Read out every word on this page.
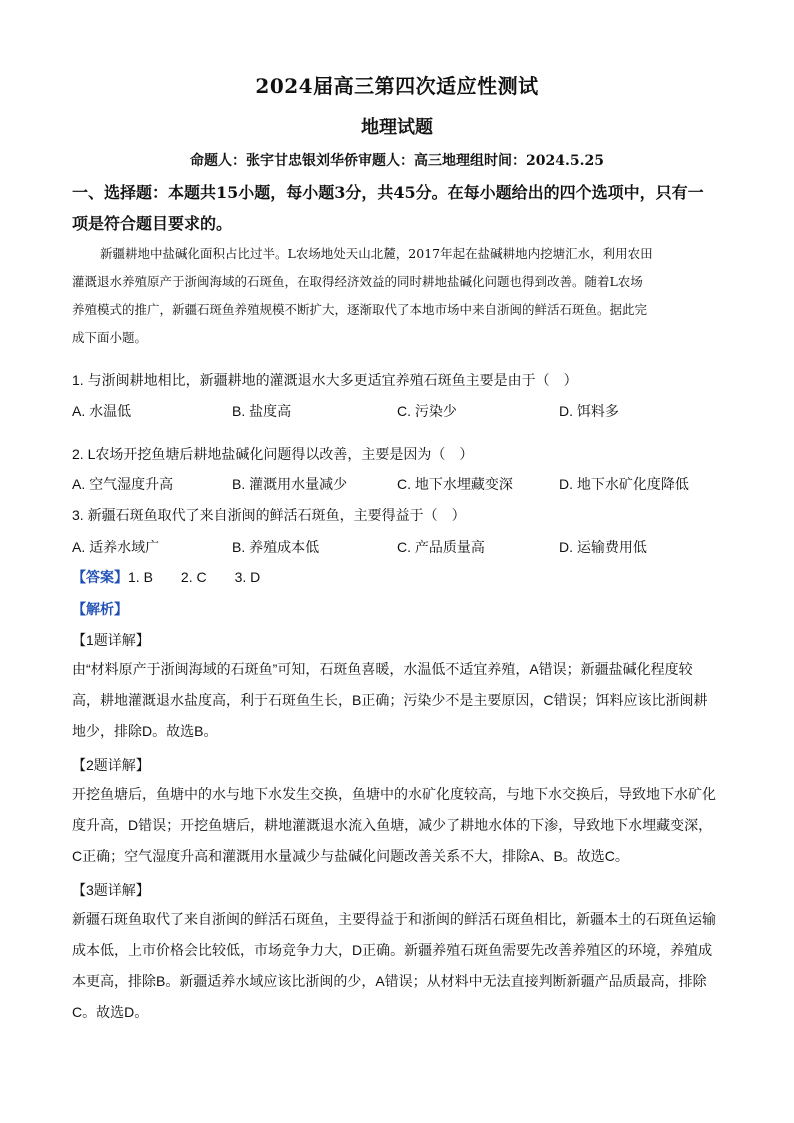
2024届高三第四次适应性测试
地理试题
命题人：张宇甘忠银刘华侨审题人：高三地理组时间：2024.5.25
一、选择题：本题共15小题，每小题3分，共45分。在每小题给出的四个选项中，只有一
项是符合题目要求的。
新疆耕地中盐碱化面积占比过半。L农场地处天山北麓，2017年起在盐碱耕地内挖塘汇水，利用农田
灌溉退水养殖原产于浙闽海域的石斑鱼，在取得经济效益的同时耕地盐碱化问题也得到改善。随着L农场
养殖模式的推广，新疆石斑鱼养殖规模不断扩大，逐渐取代了本地市场中来自浙闽的鲜活石斑鱼。据此完
成下面小题。
1. 与浙闽耕地相比，新疆耕地的灌溉退水大多更适宜养殖石斑鱼主要是由于（　）
A. 水温低	B. 盐度高	C. 污染少	D. 饵料多
2. L农场开挖鱼塘后耕地盐碱化问题得以改善，主要是因为（　）
A. 空气湿度升高	B. 灌溉用水量减少	C. 地下水埋藏变深	D. 地下水矿化度降低
3. 新疆石斑鱼取代了来自浙闽的鲜活石斑鱼，主要得益于（　）
A. 适养水域广	B. 养殖成本低	C. 产品质量高	D. 运输费用低
【答案】1. B　　2. C　　3. D
【解析】
【1题详解】
由“材料原产于浙闽海域的石斑鱼”可知，石斑鱼喜暖，水温低不适宜养殖，A错误；新疆盐碱化程度较
高，耕地灌溉退水盐度高，利于石斑鱼生长，B正确；污染少不是主要原因，C错误；饵料应该比浙闽耕
地少，排除D。故选B。
【2题详解】
开挖鱼塘后，鱼塘中的水与地下水发生交换，鱼塘中的水矿化度较高，与地下水交换后，导致地下水矿化
度升高，D错误；开挖鱼塘后，耕地灌溉退水流入鱼塘，减少了耕地水体的下渗，导致地下水埋藏变深，
C正确；空气湿度升高和灌溉用水量减少与盐碱化问题改善关系不大，排除A、B。故选C。
【3题详解】
新疆石斑鱼取代了来自浙闽的鲜活石斑鱼，主要得益于和浙闽的鲜活石斑鱼相比，新疆本土的石斑鱼运输
成本低，上市价格会比较低，市场竞争力大，D正确。新疆养殖石斑鱼需要先改善养殖区的环境，养殖成
本更高，排除B。新疆适养水域应该比浙闽的少，A错误；从材料中无法直接判断新疆产品质最高，排除
C。故选D。
